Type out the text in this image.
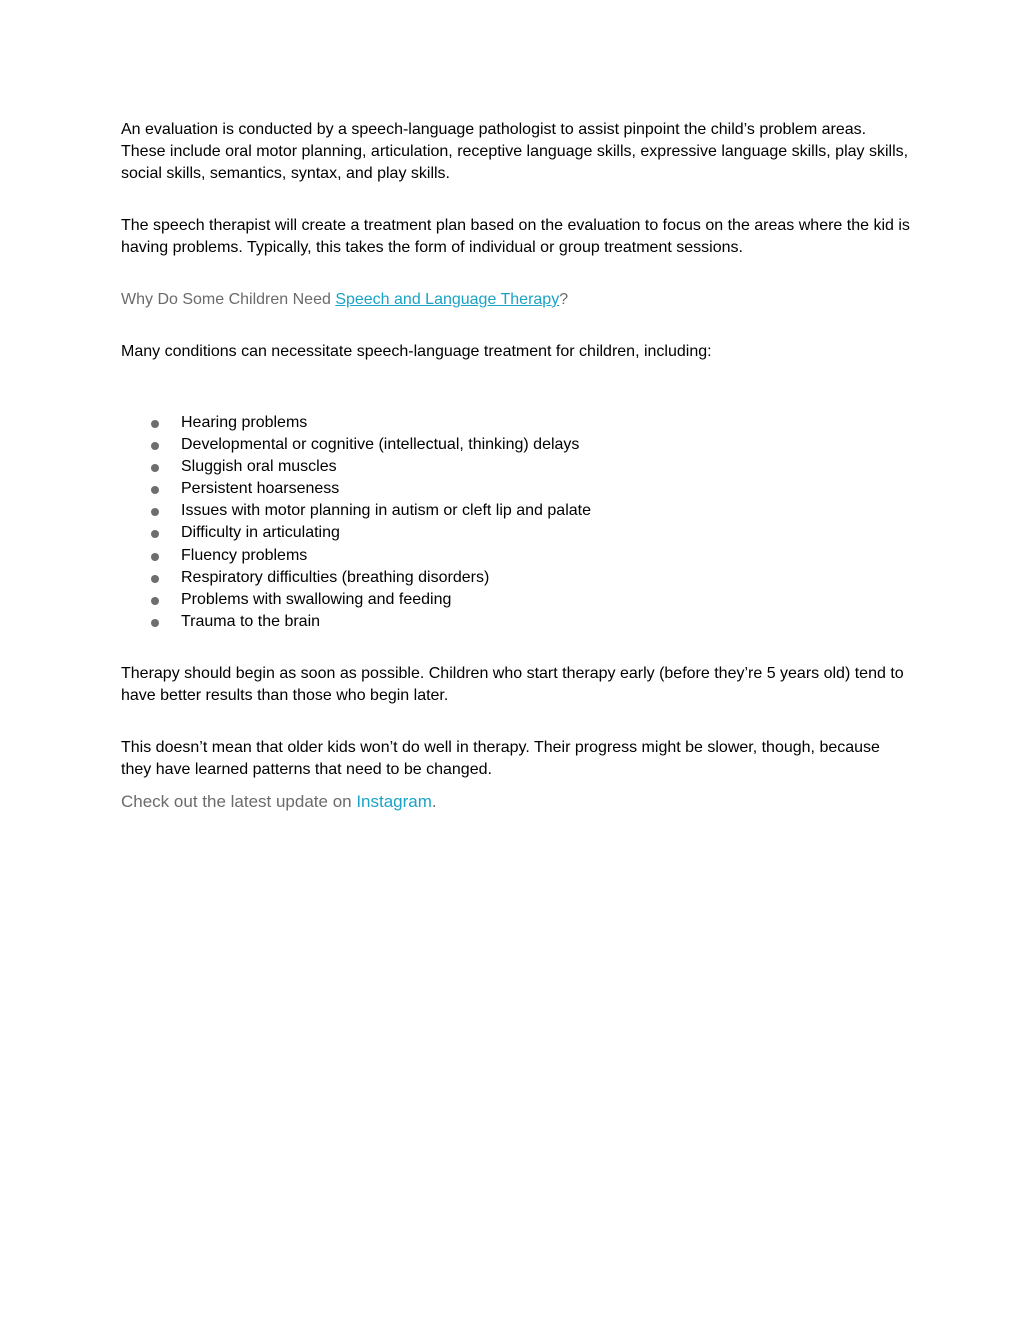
An evaluation is conducted by a speech-language pathologist to assist pinpoint the child’s problem areas. These include oral motor planning, articulation, receptive language skills, expressive language skills, play skills, social skills, semantics, syntax, and play skills.

The speech therapist will create a treatment plan based on the evaluation to focus on the areas where the kid is having problems. Typically, this takes the form of individual or group treatment sessions.

Why Do Some Children Need Speech and Language Therapy?

Many conditions can necessitate speech-language treatment for children, including:

Hearing problems
Developmental or cognitive (intellectual, thinking) delays
Sluggish oral muscles
Persistent hoarseness
Issues with motor planning in autism or cleft lip and palate
Difficulty in articulating
Fluency problems
Respiratory difficulties (breathing disorders)
Problems with swallowing and feeding
Trauma to the brain

Therapy should begin as soon as possible. Children who start therapy early (before they’re 5 years old) tend to have better results than those who begin later.

This doesn’t mean that older kids won’t do well in therapy. Their progress might be slower, though, because they have learned patterns that need to be changed.

Check out the latest update on Instagram.
